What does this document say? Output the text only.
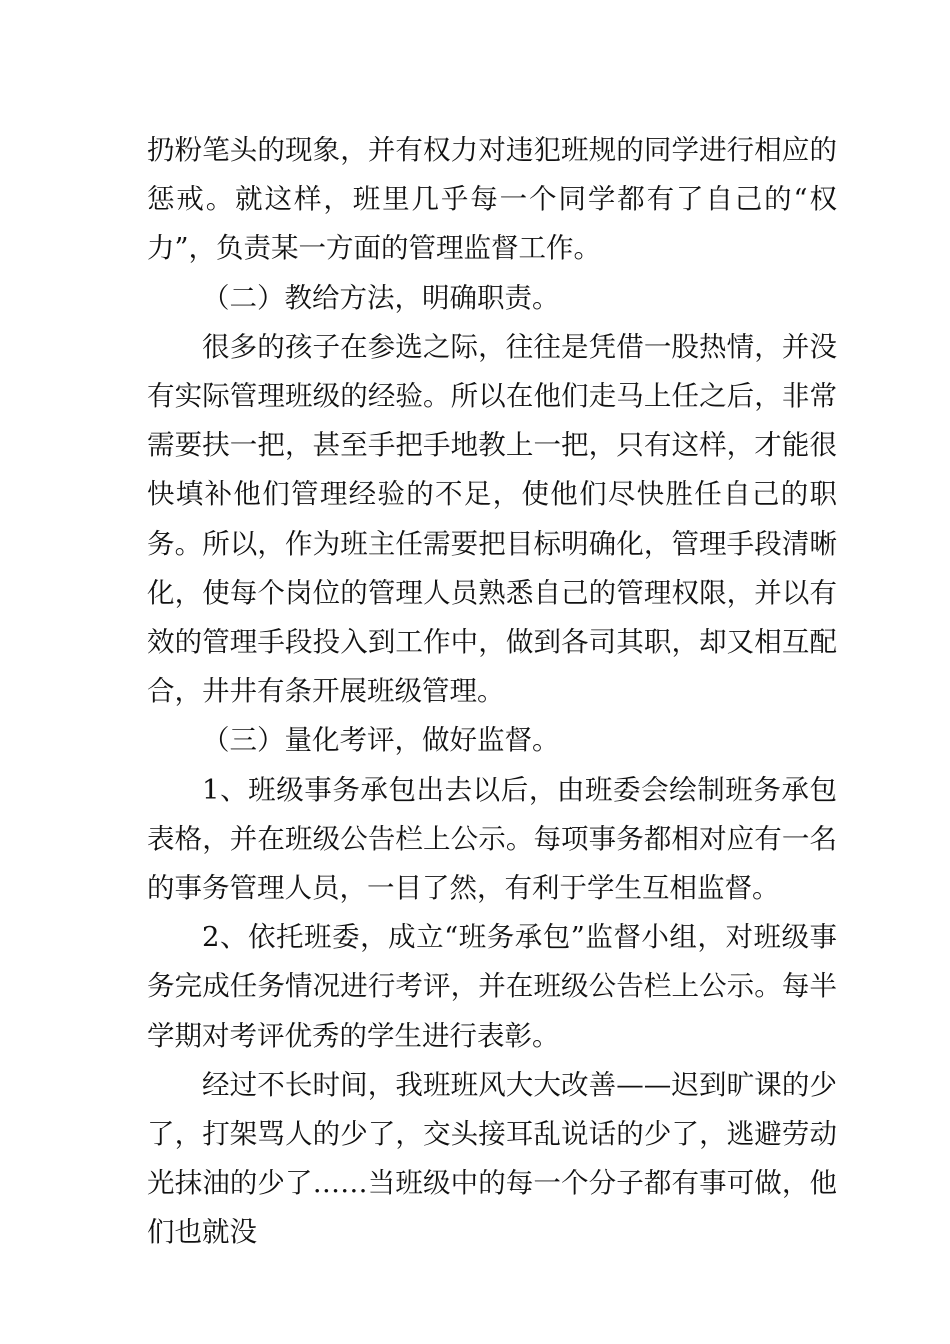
扔粉笔头的现象，并有权力对违犯班规的同学进行相应的惩戒。就这样，班里几乎每一个同学都有了自己的“权力”，负责某一方面的管理监督工作。

（二）教给方法，明确职责。

很多的孩子在参选之际，往往是凭借一股热情，并没有实际管理班级的经验。所以在他们走马上任之后，非常需要扶一把，甚至手把手地教上一把，只有这样，才能很快填补他们管理经验的不足，使他们尽快胜任自己的职务。所以，作为班主任需要把目标明确化，管理手段清晰化，使每个岗位的管理人员熟悉自己的管理权限，并以有效的管理手段投入到工作中，做到各司其职，却又相互配合，井井有条开展班级管理。

（三）量化考评，做好监督。

1、班级事务承包出去以后，由班委会绘制班务承包表格，并在班级公告栏上公示。每项事务都相对应有一名的事务管理人员，一目了然，有利于学生互相监督。

2、依托班委，成立“班务承包”监督小组，对班级事务完成任务情况进行考评，并在班级公告栏上公示。每半学期对考评优秀的学生进行表彰。

经过不长时间，我班班风大大改善——迟到旷课的少了，打架骂人的少了，交头接耳乱说话的少了，逃避劳动光抹油的少了……当班级中的每一个分子都有事可做，他们也就没
